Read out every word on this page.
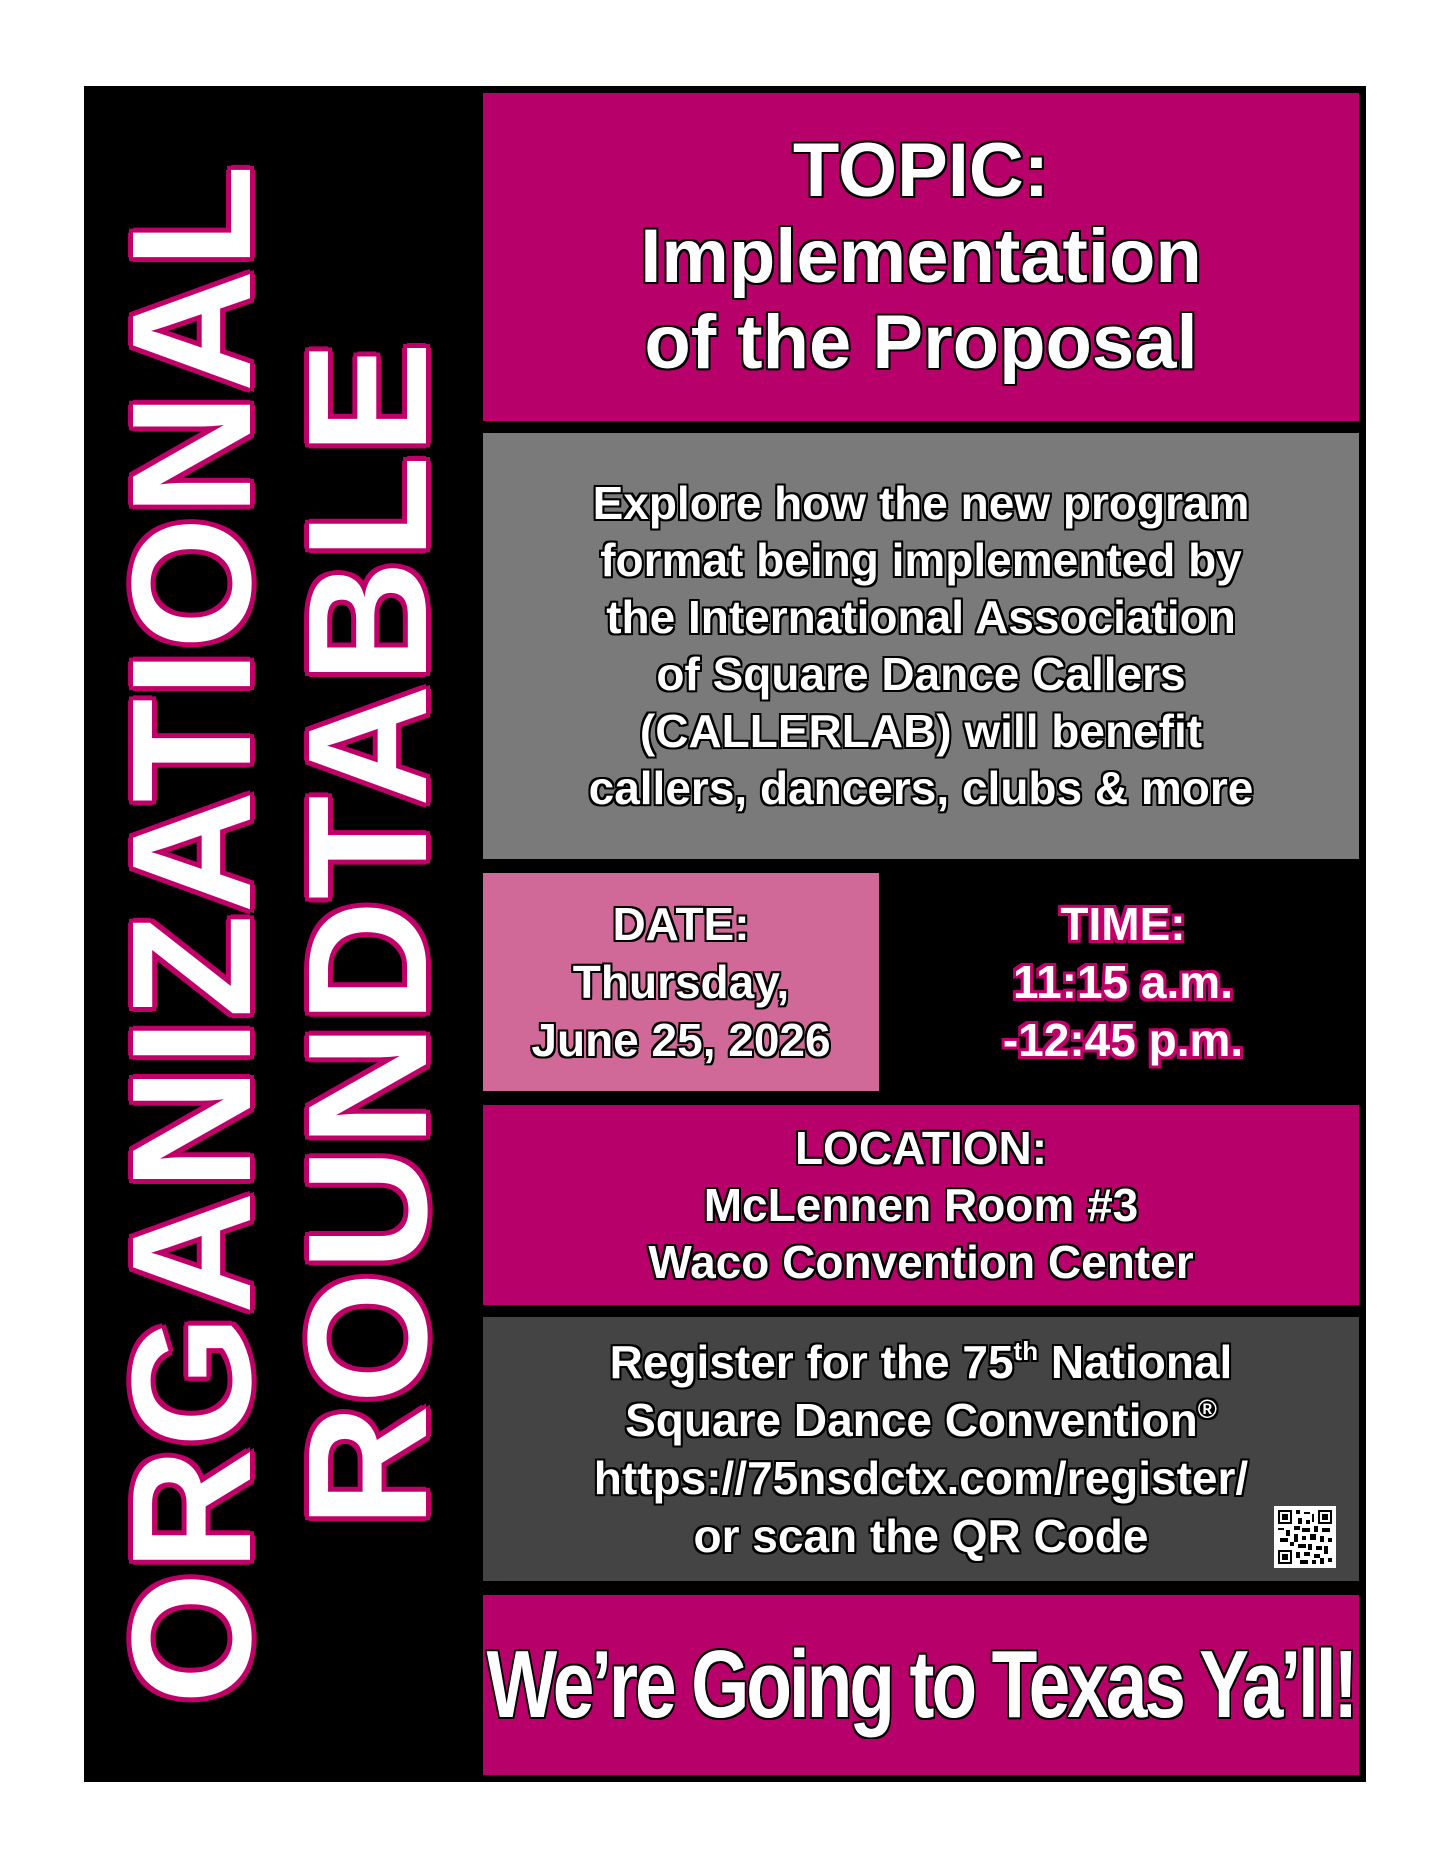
ORGANIZATIONAL
ROUNDTABLE
TOPIC:
Implementation
of the Proposal
Explore how the new program
format being implemented by
the International Association
of Square Dance Callers
(CALLERLAB) will benefit
callers, dancers, clubs & more
DATE:
Thursday,
June 25, 2026
TIME:
11:15 a.m.
-12:45 p.m.
LOCATION:
McLennen Room #3
Waco Convention Center
Register for the 75th National
Square Dance Convention®
https://75nsdctx.com/register/
or scan the QR Code
We’re Going to Texas Ya’ll!
